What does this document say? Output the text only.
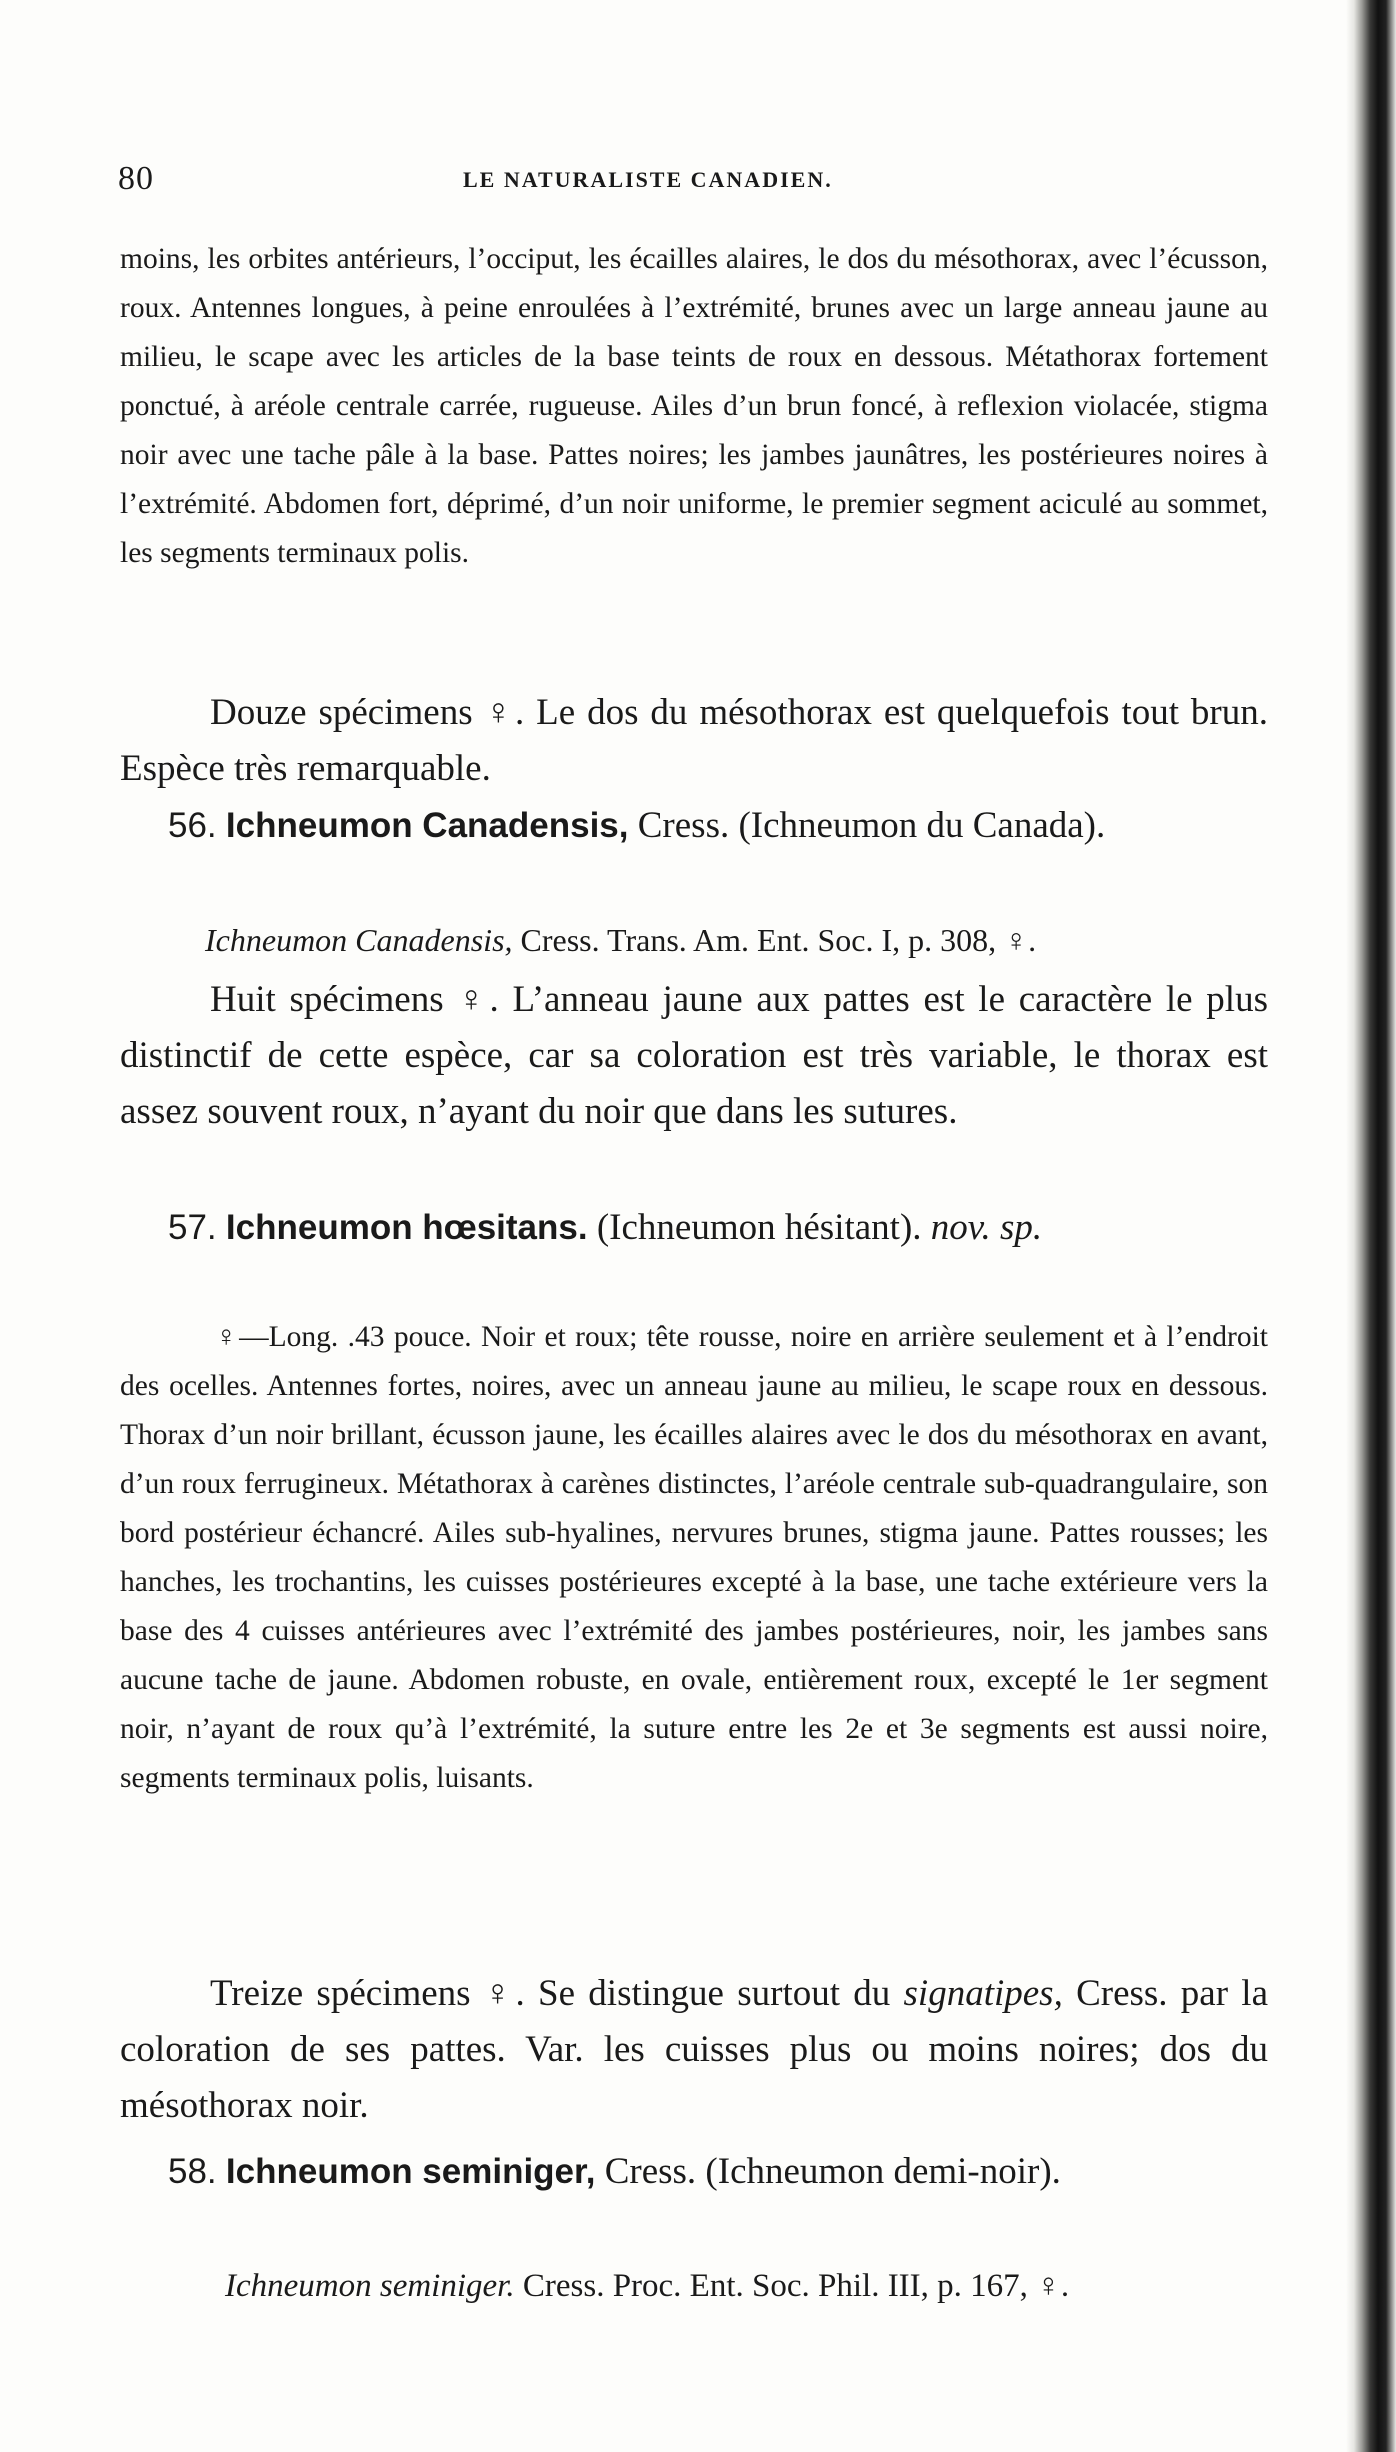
80	LE NATURALISTE CANADIEN.
moins, les orbites antérieurs, l’occiput, les écailles alaires, le dos du mésothorax, avec l’écusson, roux. Antennes longues, à peine enroulées à l’extrémité, brunes avec un large anneau jaune au milieu, le scape avec les articles de la base teints de roux en dessous. Métathorax fortement ponctué, à aréole centrale carrée, rugueuse. Ailes d’un brun foncé, à reflexion violacée, stigma noir avec une tache pâle à la base. Pattes noires; les jambes jaunâtres, les postérieures noires à l’extrémité. Abdomen fort, déprimé, d’un noir uniforme, le premier segment aciculé au sommet, les segments terminaux polis.
Douze spécimens ♀. Le dos du mésothorax est quelquefois tout brun. Espèce très remarquable.
56. Ichneumon Canadensis, Cress. (Ichneumon du Canada).
Ichneumon Canadensis, Cress. Trans. Am. Ent. Soc. I, p. 308, ♀.
Huit spécimens ♀. L’anneau jaune aux pattes est le caractère le plus distinctif de cette espèce, car sa coloration est très variable, le thorax est assez souvent roux, n’ayant du noir que dans les sutures.
57. Ichneumon hœsitans. (Ichneumon hésitant). nov. sp.
♀—Long. .43 pouce. Noir et roux; tête rousse, noire en arrière seulement et à l’endroit des ocelles. Antennes fortes, noires, avec un anneau jaune au milieu, le scape roux en dessous. Thorax d’un noir brillant, écusson jaune, les écailles alaires avec le dos du mésothorax en avant, d’un roux ferrugineux. Métathorax à carènes distinctes, l’aréole centrale sub-quadrangulaire, son bord postérieur échancré. Ailes sub-hyalines, nervures brunes, stigma jaune. Pattes rousses; les hanches, les trochantins, les cuisses postérieures excepté à la base, une tache extérieure vers la base des 4 cuisses antérieures avec l’extrémité des jambes postérieures, noir, les jambes sans aucune tache de jaune. Abdomen robuste, en ovale, entièrement roux, excepté le 1er segment noir, n’ayant de roux qu’à l’extrémité, la suture entre les 2e et 3e segments est aussi noire, segments terminaux polis, luisants.
Treize spécimens ♀. Se distingue surtout du signatipes, Cress. par la coloration de ses pattes. Var. les cuisses plus ou moins noires; dos du mésothorax noir.
58. Ichneumon seminiger, Cress. (Ichneumon demi-noir).
Ichneumon seminiger. Cress. Proc. Ent. Soc. Phil. III, p. 167, ♀.
